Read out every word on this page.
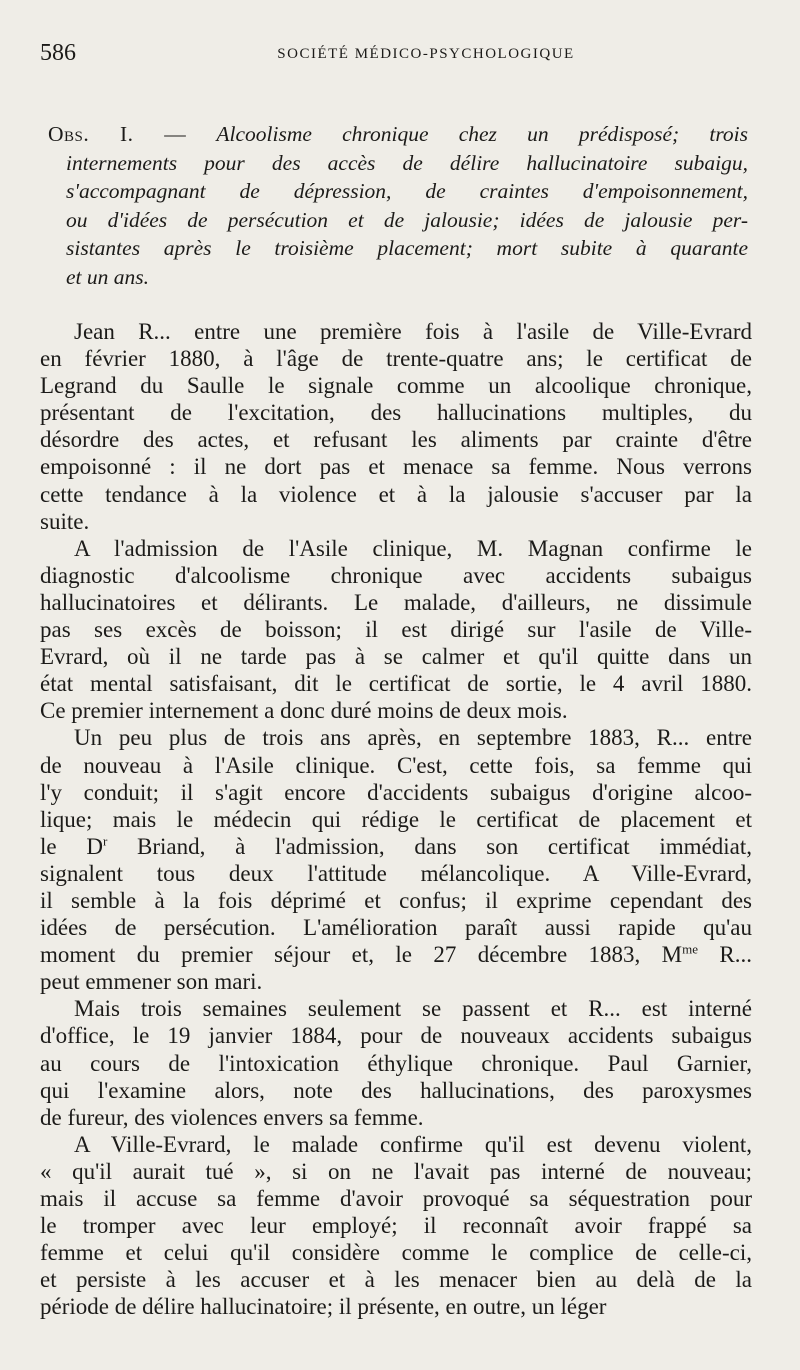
586	SOCIÉTÉ MÉDICO-PSYCHOLOGIQUE
Obs. I. — Alcoolisme chronique chez un prédisposé; trois
internements pour des accès de délire hallucinatoire subaigu,
s'accompagnant de dépression, de craintes d'empoisonnement,
ou d'idées de persécution et de jalousie; idées de jalousie per-
sistantes après le troisième placement; mort subite à quarante
et un ans.
Jean R... entre une première fois à l'asile de Ville-Evrard
en février 1880, à l'âge de trente-quatre ans; le certificat de
Legrand du Saulle le signale comme un alcoolique chronique,
présentant de l'excitation, des hallucinations multiples, du
désordre des actes, et refusant les aliments par crainte d'être
empoisonné : il ne dort pas et menace sa femme. Nous verrons
cette tendance à la violence et à la jalousie s'accuser par la
suite.
A l'admission de l'Asile clinique, M. Magnan confirme le
diagnostic d'alcoolisme chronique avec accidents subaigus
hallucinatoires et délirants. Le malade, d'ailleurs, ne dissimule
pas ses excès de boisson; il est dirigé sur l'asile de Ville-
Evrard, où il ne tarde pas à se calmer et qu'il quitte dans un
état mental satisfaisant, dit le certificat de sortie, le 4 avril 1880.
Ce premier internement a donc duré moins de deux mois.
Un peu plus de trois ans après, en septembre 1883, R... entre
de nouveau à l'Asile clinique. C'est, cette fois, sa femme qui
l'y conduit; il s'agit encore d'accidents subaigus d'origine alcoo-
lique; mais le médecin qui rédige le certificat de placement et
le $D^r$ Briand, à l'admission, dans son certificat immédiat,
signalent tous deux l'attitude mélancolique. A Ville-Evrard,
il semble à la fois déprimé et confus; il exprime cependant des
idées de persécution. L'amélioration paraît aussi rapide qu'au
moment du premier séjour et, le 27 décembre 1883, $M^{me}$ R...
peut emmener son mari.
Mais trois semaines seulement se passent et R... est interné
d'office, le 19 janvier 1884, pour de nouveaux accidents subaigus
au cours de l'intoxication éthylique chronique. Paul Garnier,
qui l'examine alors, note des hallucinations, des paroxysmes
de fureur, des violences envers sa femme.
A Ville-Evrard, le malade confirme qu'il est devenu violent,
« qu'il aurait tué », si on ne l'avait pas interné de nouveau;
mais il accuse sa femme d'avoir provoqué sa séquestration pour
le tromper avec leur employé; il reconnaît avoir frappé sa
femme et celui qu'il considère comme le complice de celle-ci,
et persiste à les accuser et à les menacer bien au delà de la
période de délire hallucinatoire; il présente, en outre, un léger
